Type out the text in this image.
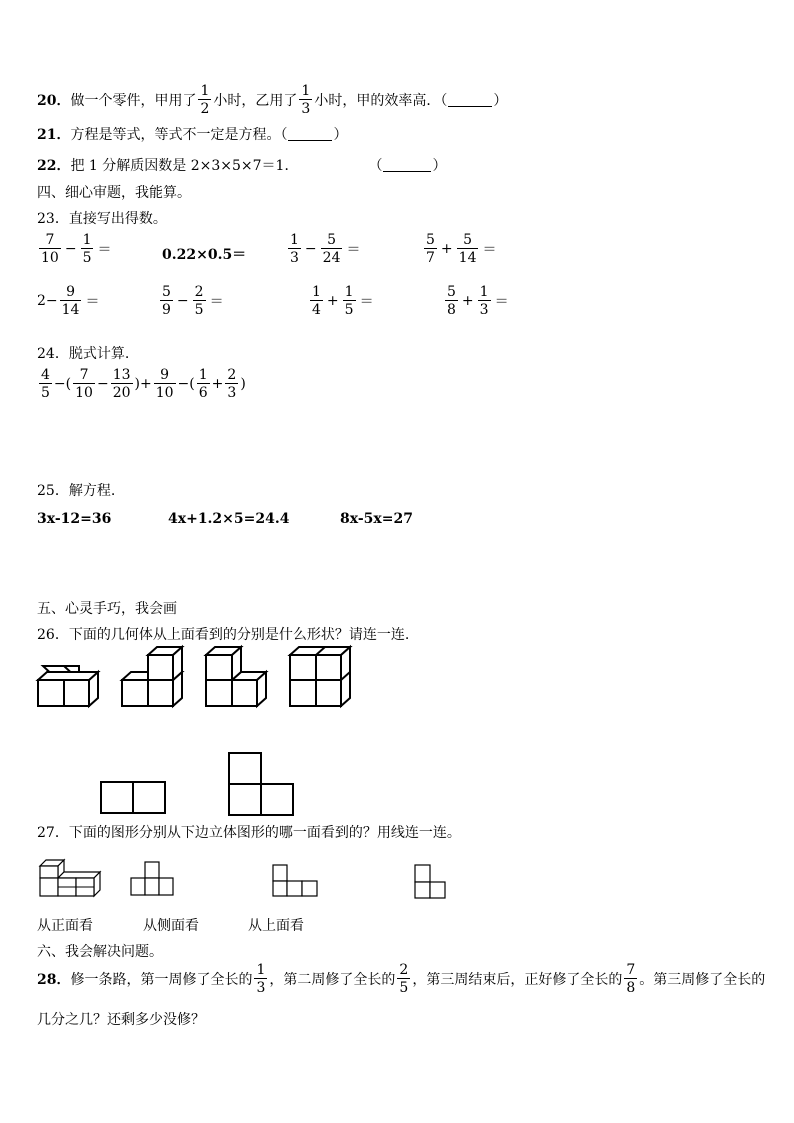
20． 做一个零件，甲用了 $\frac{1}{2}$ 小时，乙用了 $\frac{1}{3}$ 小时，甲的效率高．（	）
21． 方程是等式，等式不一定是方程。（	）
22． 把 1 分解质因数是 2×3×5×7＝1．	（	）
四、细心审题，我能算。
23．直接写出得数。
$\frac{7}{10} - \frac{1}{5}$ ＝	0.22×0.5＝	$\frac{1}{3} - \frac{5}{24}$ ＝	$\frac{5}{7} + \frac{5}{14}$ ＝
$2- \frac{9}{14}$ ＝	$\frac{5}{9} - \frac{2}{5}$ ＝	$\frac{1}{4} + \frac{1}{5}$ ＝	$\frac{5}{8} + \frac{1}{3}$ ＝
24．脱式计算.
$\frac{4}{5}$ −( $\frac{7}{10} - \frac{13}{20}$ )+ $\frac{9}{10}$ −( $\frac{1}{6} + \frac{2}{3}$ )
25．解方程.
3x-12=36	4x+1.2×5=24.4	8x-5x=27
五、心灵手巧，我会画
26．下面的几何体从上面看到的分别是什么形状？请连一连.
27．下面的图形分别从下边立体图形的哪一面看到的？用线连一连。
从正面看	从侧面看	从上面看
六、我会解决问题。
28． 修一条路，第一周修了全长的 $\frac{1}{3}$ ，第二周修了全长的 $\frac{2}{5}$ ，第三周结束后，正好修了全长的 $\frac{7}{8}$ 。第三周修了全长的
几分之几？还剩多少没修？
